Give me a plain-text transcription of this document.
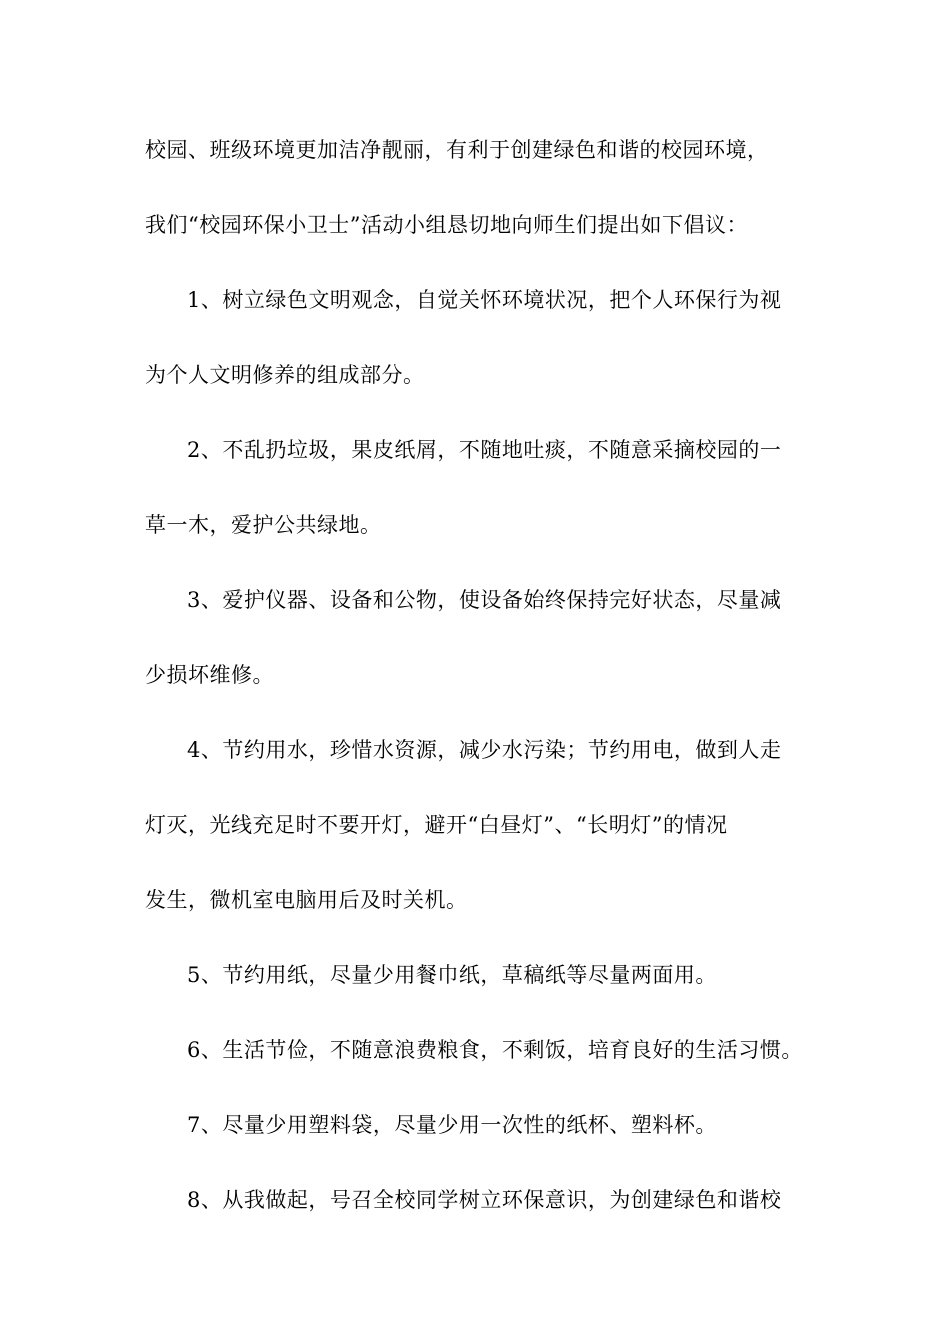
校园、班级环境更加洁净靓丽，有利于创建绿色和谐的校园环境，
我们“校园环保小卫士”活动小组恳切地向师生们提出如下倡议：
1、树立绿色文明观念，自觉关怀环境状况，把个人环保行为视
为个人文明修养的组成部分。
2、不乱扔垃圾，果皮纸屑，不随地吐痰，不随意采摘校园的一
草一木，爱护公共绿地。
3、爱护仪器、设备和公物，使设备始终保持完好状态，尽量减
少损坏维修。
4、节约用水，珍惜水资源，减少水污染；节约用电，做到人走
灯灭，光线充足时不要开灯，避开“白昼灯”、“长明灯”的情况
发生，微机室电脑用后及时关机。
5、节约用纸，尽量少用餐巾纸，草稿纸等尽量两面用。
6、生活节俭，不随意浪费粮食，不剩饭，培育良好的生活习惯。
7、尽量少用塑料袋，尽量少用一次性的纸杯、塑料杯。
8、从我做起，号召全校同学树立环保意识，为创建绿色和谐校
